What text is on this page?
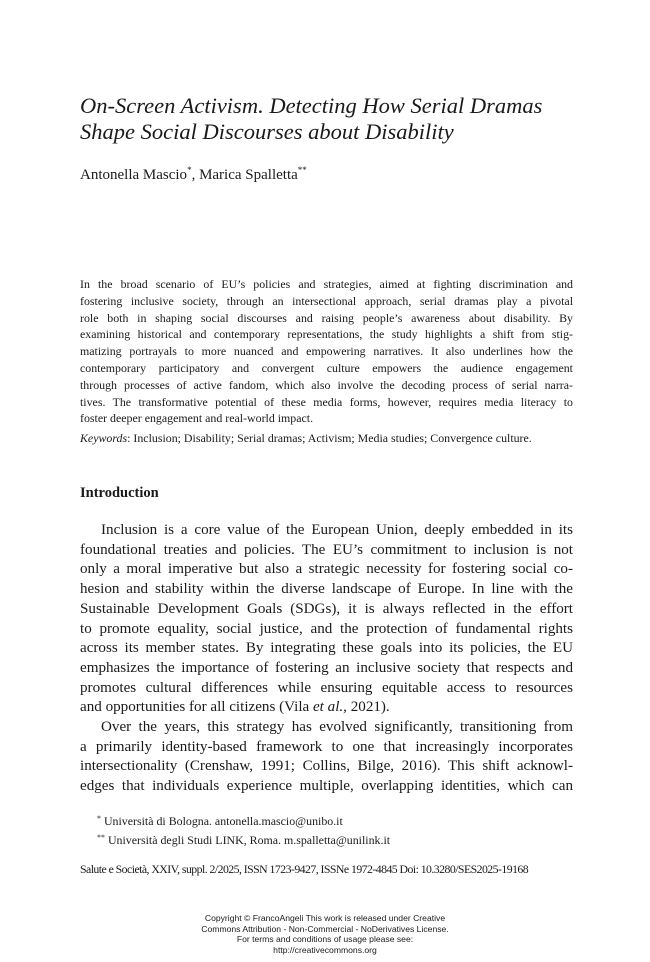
On-Screen Activism. Detecting How Serial Dramas
Shape Social Discourses about Disability
Antonella Mascio*, Marica Spalletta**
In the broad scenario of EU’s policies and strategies, aimed at fighting discrimination and
fostering inclusive society, through an intersectional approach, serial dramas play a pivotal
role both in shaping social discourses and raising people’s awareness about disability. By
examining historical and contemporary representations, the study highlights a shift from stig-
matizing portrayals to more nuanced and empowering narratives. It also underlines how the
contemporary participatory and convergent culture empowers the audience engagement
through processes of active fandom, which also involve the decoding process of serial narra-
tives. The transformative potential of these media forms, however, requires media literacy to
foster deeper engagement and real-world impact.
Keywords: Inclusion; Disability; Serial dramas; Activism; Media studies; Convergence culture.
Introduction
Inclusion is a core value of the European Union, deeply embedded in its
foundational treaties and policies. The EU’s commitment to inclusion is not
only a moral imperative but also a strategic necessity for fostering social co-
hesion and stability within the diverse landscape of Europe. In line with the
Sustainable Development Goals (SDGs), it is always reflected in the effort
to promote equality, social justice, and the protection of fundamental rights
across its member states. By integrating these goals into its policies, the EU
emphasizes the importance of fostering an inclusive society that respects and
promotes cultural differences while ensuring equitable access to resources
and opportunities for all citizens (Vila et al., 2021).
Over the years, this strategy has evolved significantly, transitioning from
a primarily identity-based framework to one that increasingly incorporates
intersectionality (Crenshaw, 1991; Collins, Bilge, 2016). This shift acknowl-
edges that individuals experience multiple, overlapping identities, which can
* Università di Bologna. antonella.mascio@unibo.it
** Università degli Studi LINK, Roma. m.spalletta@unilink.it
Salute e Società, XXIV, suppl. 2/2025, ISSN 1723-9427, ISSNe 1972-4845 Doi: 10.3280/SES2025-19168
Copyright © FrancoAngeli This work is released under Creative
Commons Attribution - Non-Commercial - NoDerivatives License.
For terms and conditions of usage please see:
http://creativecommons.org
